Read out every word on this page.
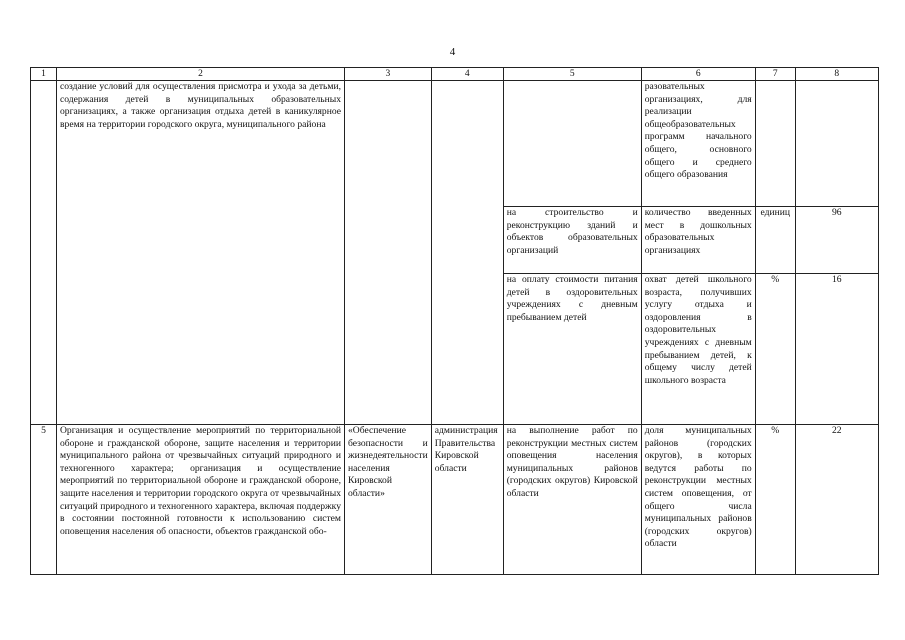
4
1	2	3	4	5	6	7	8
	создание условий для осуществления присмотра и ухода за детьми, содержания детей в муниципальных образовательных организациях, а также организация отдыха детей в каникулярное время на территории городского округа, муниципального района				разовательных организациях, для реализации общеобразовательных программ начального общего, основного общего и среднего общего образования		
				на строительство и реконструкцию зданий и объектов образовательных организаций	количество введенных мест в дошкольных образовательных организациях	единиц	96
				на оплату стоимости питания детей в оздоровительных учреждениях с дневным пребыванием детей	охват детей школьного возраста, получивших услугу отдыха и оздоровления в оздоровительных учреждениях с дневным пребыванием детей, к общему числу детей школьного возраста	%	16
5	Организация и осуществление мероприятий по территориальной обороне и гражданской обороне, защите населения и территории муниципального района от чрезвычайных ситуаций природного и техногенного характера; организация и осуществление мероприятий по территориальной обороне и гражданской обороне, защите населения и территории городского округа от чрезвычайных ситуаций природного и техногенного характера, включая поддержку в состоянии постоянной готовности к использованию систем оповещения населения об опасности, объектов гражданской обо-	«Обеспечение безопасности и жизнедеятельности населения Кировской области»	администрация Правительства Кировской области	на выполнение работ по реконструкции местных систем оповещения населения муниципальных районов (городских округов) Кировской области	доля муниципальных районов (городских округов), в которых ведутся работы по реконструкции местных систем оповещения, от общего числа муниципальных районов (городских округов) области	%	22
